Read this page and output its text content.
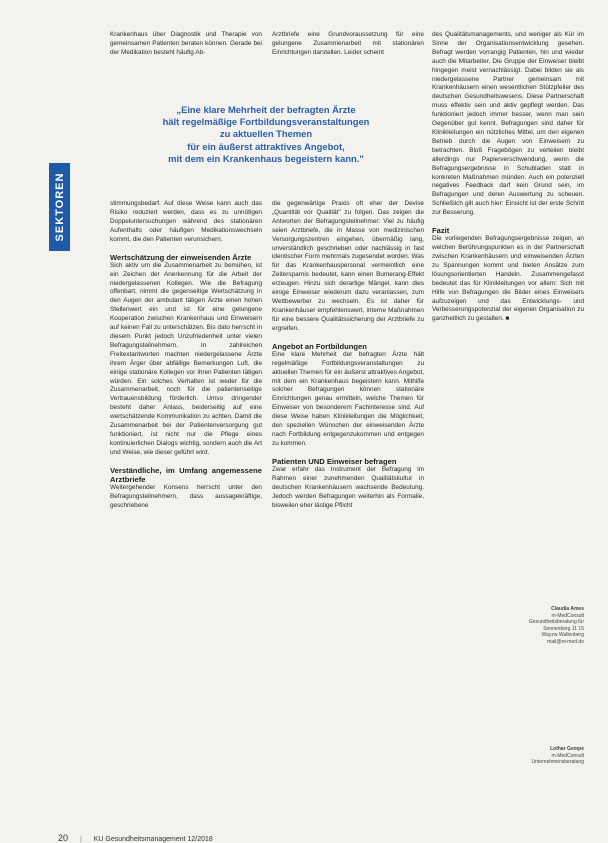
SEKTOREN

Krankenhaus über Diagnostik und Therapie von gemeinsamen Patienten beraten können. Gerade bei der Medikation besteht häufig Ab-

Arztbriefe eine Grundvoraussetzung für eine gelungene Zusammenarbeit mit stationären Einrichtungen darstellen. Leider scheint

„Eine klare Mehrheit der befragten Ärzte

hält regelmäßige Fortbildungsveranstaltungen

zu aktuellen Themen

für ein äußerst attraktives Angebot,

mit dem ein Krankenhaus begeistern kann."

stimmungsbedarf. Auf diese Weise kann auch das Risiko reduziert werden, dass es zu unnötigen Doppeluntersuchungen während des stationären Aufenthalts oder häufigen Medikationswechseln kommt, die den Patienten verunsichern.

Wertschätzung der einweisenden Ärzte

Sich aktiv um die Zusammenarbeit zu bemühen, ist ein Zeichen der Anerkennung für die Arbeit der niedergelassenen Kollegen. Wie die Befragung offenbart, nimmt die gegenseitige Wertschätzung in den Augen der ambulant tätigen Ärzte einen hohen Stellenwert ein und ist für eine gelungene Kooperation zwischen Krankenhaus und Einweisern auf keinen Fall zu unterschätzen. Bis dato herrscht in diesem Punkt jedoch Unzufriedenheit unter vielen Befragungsteilnehmern. In zahlreichen Freitextantworten machten niedergelassene Ärzte ihrem Ärger über abfällige Bemerkungen Luft, die einige stationäre Kollegen vor ihren Patienten tätigen würden. Ein solches Verhalten ist weder für die Zusammenarbeit, noch für die patientenseitige Vertrauensbildung förderlich. Umso dringender besteht daher Anlass, beiderseitig auf eine wertschätzende Kommunikation zu achten. Damit die Zusammenarbeit bei der Patientenversorgung gut funktioniert, ist nicht nur die Pflege eines kontinuierlichen Dialogs wichtig, sondern auch die Art und Weise, wie dieser geführt wird.

Verständliche, im Umfang angemessene Arztbriefe

Weitergehender Konsens herrscht unter den Befragungsteilnehmern, dass aussagekräftige, geschriebene

die gegenwärtige Praxis oft eher der Devise „Quantität vor Qualität" zu folgen. Das zeigen die Antworten der Befragungsteilnehmer: Viel zu häufig seien Arztbriefe, die in Masse von medizinischen Versorgungszentren eingehen, übermäßig lang, unverständlich geschrieben oder nachlässig in fast identischer Form mehrmals zugesendet worden. Was für das Krankenhauspersonal vermeintlich eine Zeitersparnis bedeutet, kann einen Bumerang-Effekt erzeugen. Hinzu sich derartige Mängel, kann dies einige Einweiser wiederum dazu veranlassen, zum Wettbewerber zu wechseln. Es ist daher für Krankenhäuser empfehlenswert, interne Maßnahmen für eine bessere Qualitätssicherung der Arztbriefe zu ergreifen.

Angebot an Fortbildungen

Eine klare Mehrheit der befragten Ärzte hält regelmäßige Fortbildungsveranstaltungen zu aktuellen Themen für ein äußerst attraktives Angebot, mit dem ein Krankenhaus begeistern kann. Mithilfe solcher Befragungen können stationäre Einrichtungen genau ermitteln, welche Themen für Einweiser von besonderem Fachinteresse sind. Auf diese Weise haben Klinikleitungen die Möglichkeit, den speziellen Wünschen der einweisenden Ärzte nach Fortbildung entgegenzukommen und entgegen zu kommen.

Patienten UND Einweiser befragen

Zwar erfahr das Instrument der Befragung im Rahmen einer zunehmenden Qualitätskultur in deutschen Krankenhäusern wachsende Bedeutung. Jedoch werden Befragungen weiterhin als Formalie, bisweilen eher lästige Pflicht

des Qualitätsmanagements, und weniger als Kür im Sinne der Organisationsentwicklung gesehen. Befragt werden vorrangig Patienten, hin und wieder auch die Mitarbeiter. Die Gruppe der Einweiser bleibt hingegen meist vernachlässigt. Dabei bilden sie als niedergelassene Partner gemeinsam mit Krankenhäusern einen wesentlichen Stützpfeiler des deutschen Gesundheitswesens. Diese Partnerschaft muss effektiv sein und aktiv gepflegt werden. Das funktioniert jedoch immer besser, wenn man sein Gegenüber gut kennt. Befragungen sind daher für Klinikleitungen ein nützliches Mittel, um den eigenen Betrieb durch die Augen von Einweisern zu betrachten. Bloß Fragebögen zu verteilen bleibt allerdings nur Papierverschwendung, wenn die Befragungsergebnisse in Schubladen statt in konkreten Maßnahmen münden. Auch ein potenziell negatives Feedback darf kein Grund sein, im Befragungen und deren Auswertung zu scheuen. Schließlich gilt auch hier: Einsicht ist der erste Schritt zur Besserung.

Fazit

Die vorliegenden Befragungsergebnisse zeigen, an welchen Berührungspunkten es in der Partnerschaft zwischen Krankenhäusern und einweisenden Ärzten zu Spannungen kommt und bieten Ansätze zum lösungsorientierten Handeln. Zusammengefasst bedeutet das für Klinikleitungen vor allem: Sich mit Hilfe von Befragungen die Bilder eines Einweisers aufzuzeigen und das Entwicklungs- und Verbesserungspotenzial der eigenen Organisation zu ganzheitlich zu gestalten. ■

Claudia Ames
m-MedConsult
Gesundheitsberatung für
Sonnenberg 11 15
Wayzw Wallenberg
mail@m-med.de
Lothar Gempe
m-MedConsult
Unternehmensberatung
20 | KU Gesundheitsmanagement 12/2018
